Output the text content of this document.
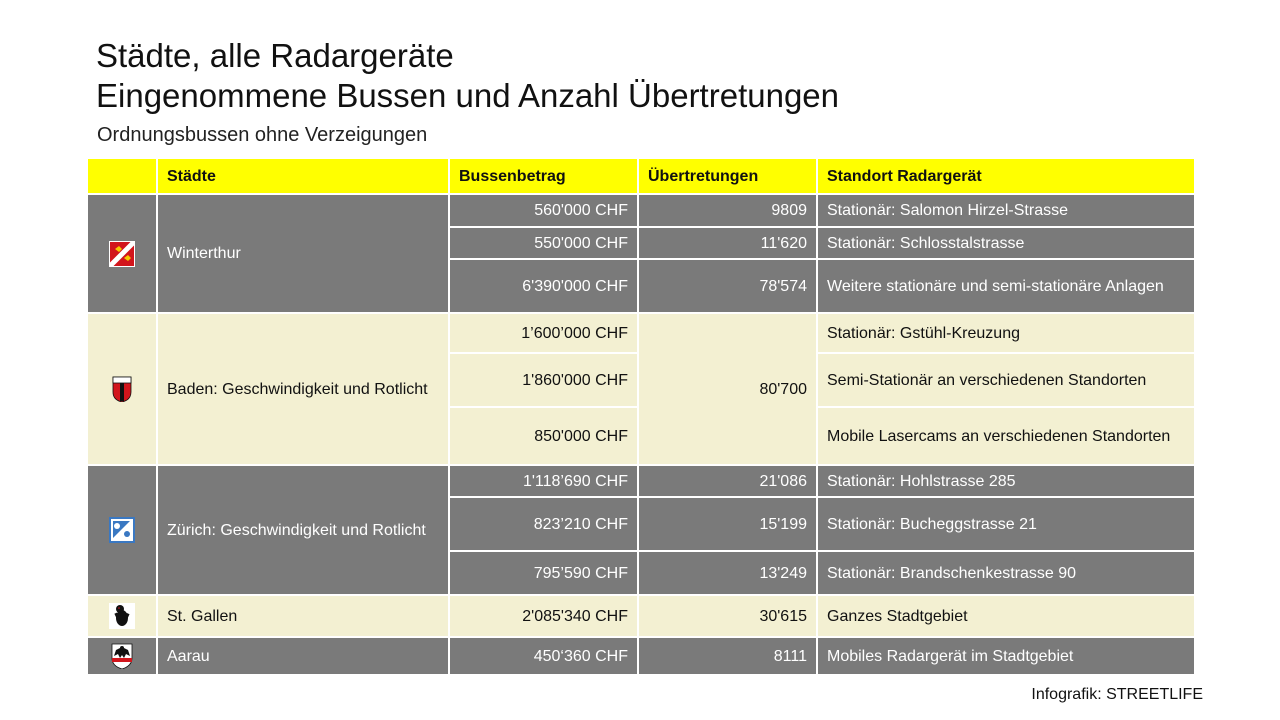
Städte, alle Radargeräte
Eingenommene Bussen und Anzahl Übertretungen
Ordnungsbussen ohne Verzeigungen
	Städte	Bussenbetrag	Übertretungen	Standort Radargerät
	Winterthur	560'000 CHF	9809	Stationär: Salomon Hirzel-Strasse
		550'000 CHF	11'620	Stationär: Schlosstalstrasse
		6'390'000 CHF	78'574	Weitere stationäre und semi-stationäre Anlagen
	Baden: Geschwindigkeit und Rotlicht	1’600’000 CHF	80'700	Stationär: Gstühl-Kreuzung
		1'860'000 CHF		Semi-Stationär an verschiedenen Standorten
		850'000 CHF		Mobile Lasercams an verschiedenen Standorten
	Zürich: Geschwindigkeit und Rotlicht	1'118’690 CHF	21'086	Stationär: Hohlstrasse 285
		823’210 CHF	15'199	Stationär: Bucheggstrasse 21
		795’590 CHF	13'249	Stationär: Brandschenkestrasse 90
	St. Gallen	2'085'340 CHF	30'615	Ganzes Stadtgebiet
	Aarau	450‘360 CHF	8111	Mobiles Radargerät im Stadtgebiet
Infografik: STREETLIFE
